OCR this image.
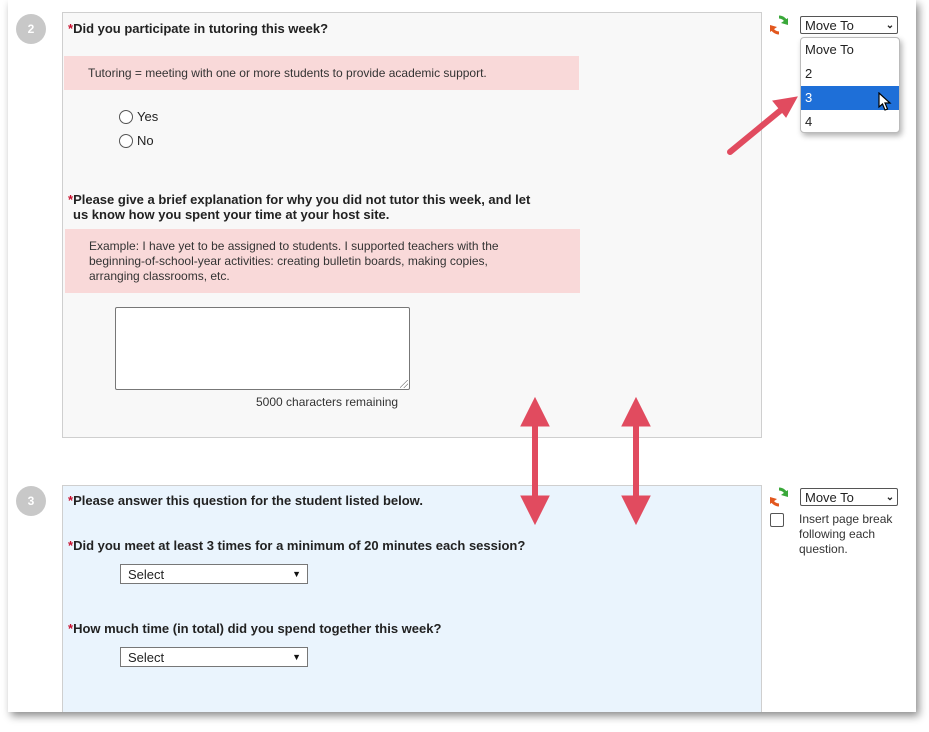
2	*Did you participate in tutoring this week?
Tutoring = meeting with one or more students to provide academic support.
Yes
No
*Please give a brief explanation for why you did not tutor this week, and let
us know how you spent your time at your host site.
Example: I have yet to be assigned to students. I supported teachers with the
beginning-of-school-year activities: creating bulletin boards, making copies,
arranging classrooms, etc.
5000 characters remaining
Move To	⌄
Move To
2
3
4
3	*Please answer this question for the student listed below.
*Did you meet at least 3 times for a minimum of 20 minutes each session?
Select	▼
*How much time (in total) did you spend together this week?
Select	▼
Move To	⌄
Insert page break
following each
question.
